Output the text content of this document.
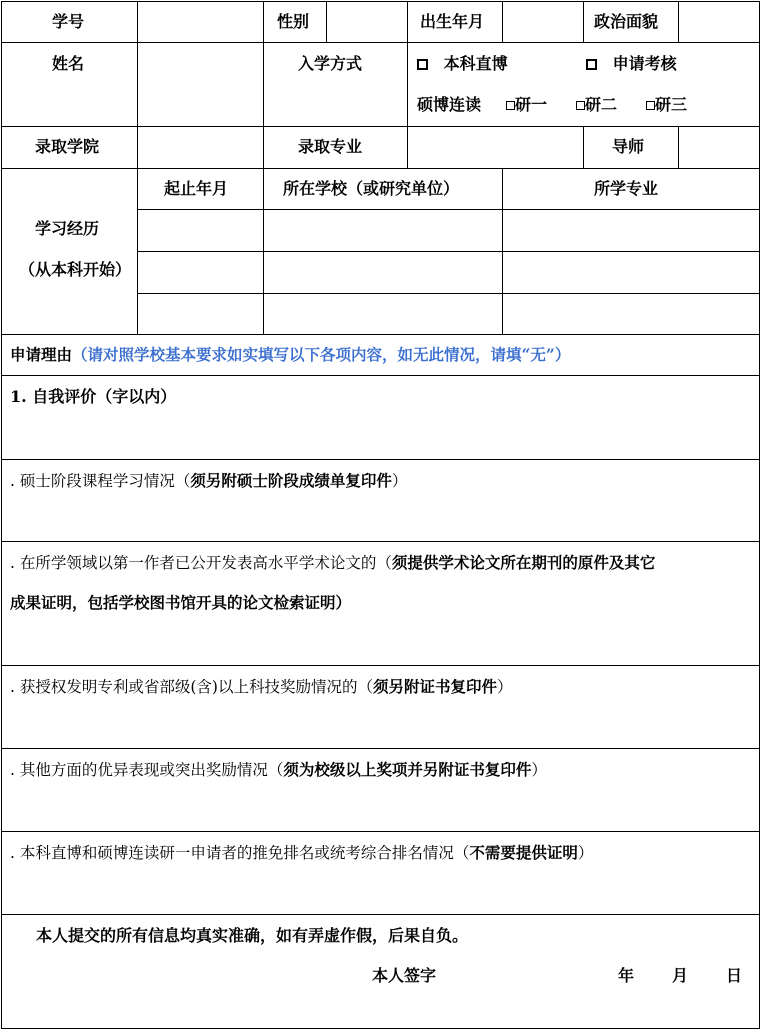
学号	性别	出生年月	政治面貌
姓名	入学方式	本科直博	申请考核
硕博连读	研一	研二	研三
录取学院	录取专业	导师
学习经历
（从本科开始）
起止年月	所在学校（或研究单位）	所学专业
申请理由（请对照学校基本要求如实填写以下各项内容，如无此情况，请填“无”）
1. 自我评价（字以内）
. 硕士阶段课程学习情况（须另附硕士阶段成绩单复印件）
. 在所学领域以第一作者已公开发表高水平学术论文的（须提供学术论文所在期刊的原件及其它
成果证明，包括学校图书馆开具的论文检索证明）
. 获授权发明专利或省部级(含)以上科技奖励情况的（须另附证书复印件）
. 其他方面的优异表现或突出奖励情况（须为校级以上奖项并另附证书复印件）
. 本科直博和硕博连读研一申请者的推免排名或统考综合排名情况（不需要提供证明）
本人提交的所有信息均真实准确，如有弄虚作假，后果自负。
本人签字	年 月 日
